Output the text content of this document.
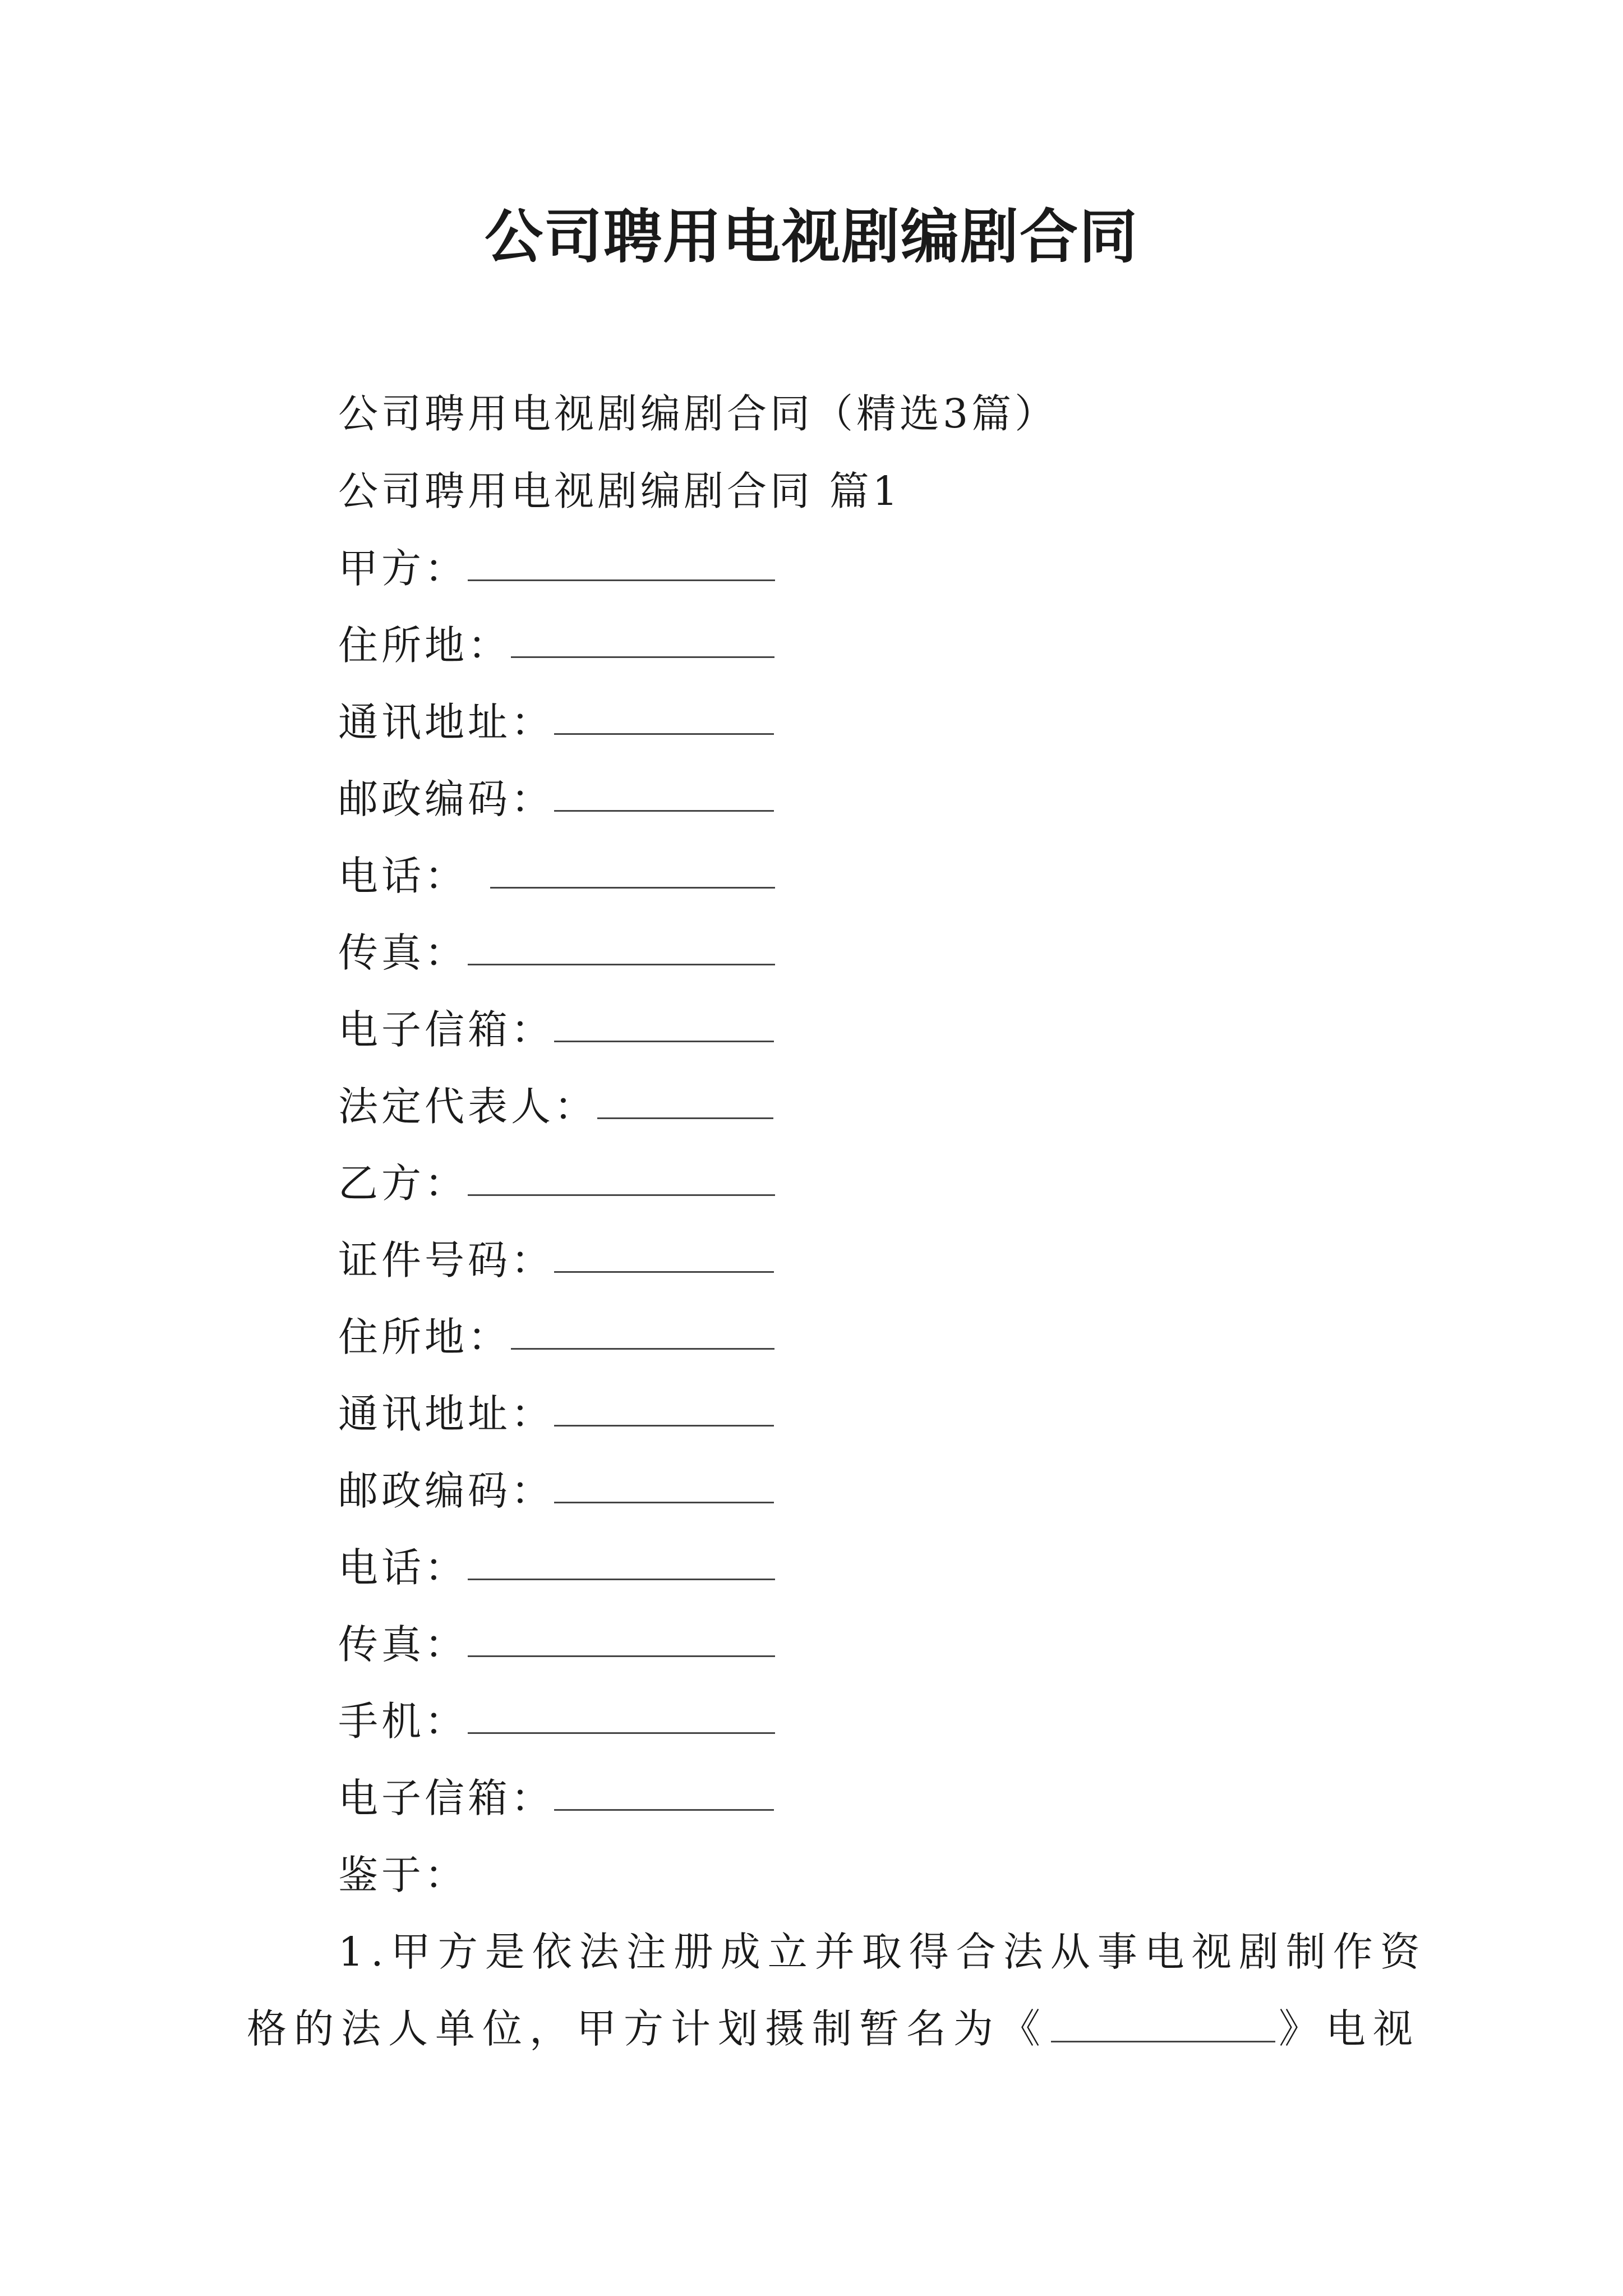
公司聘用电视剧编剧合同
公司聘用电视剧编剧合同（精选3篇）
公司聘用电视剧编剧合同 篇1
甲方：
住所地：
通讯地址：
邮政编码：
电话：
传真：
电子信箱：
法定代表人：
乙方：
证件号码：
住所地：
通讯地址：
邮政编码：
电话：
传真：
手机：
电子信箱：
鉴于：
1.甲方是依法注册成立并取得合法从事电视剧制作资
格的法人单位，甲方计划摄制暂名为《	》电视
